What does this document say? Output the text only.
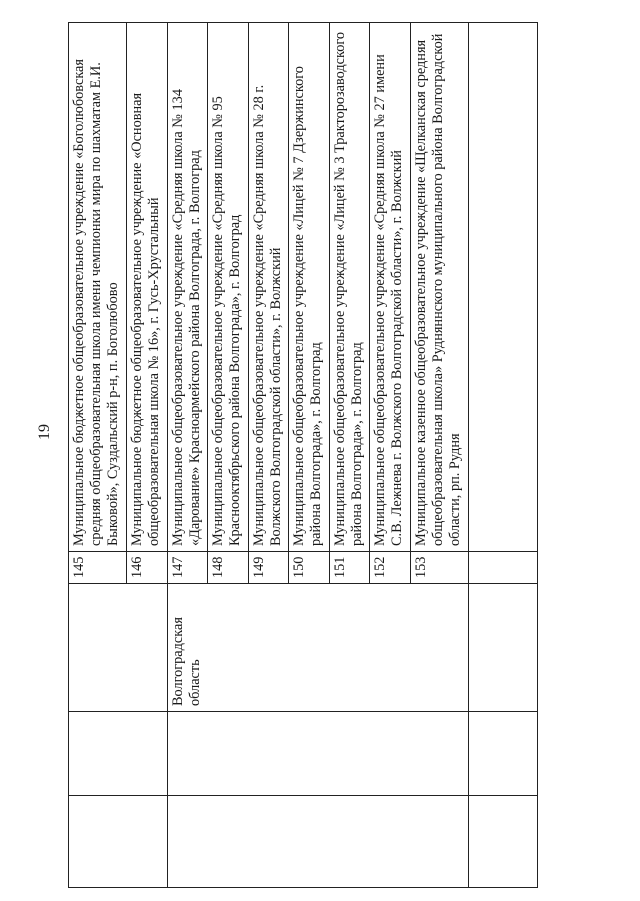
19
			145	Муниципальное бюджетное общеобразовательное учреждение «Боголюбовская средняя общеобразовательная школа имени чемпионки мира по шахматам Е.И. Быковой», Суздальский р-н, п. Боголюбово
			146	Муниципальное бюджетное общеобразовательное учреждение «Основная общеобразовательная школа № 16», г. Гусь-Хрустальный
		Волгоградская область	147	Муниципальное общеобразовательное учреждение «Средняя школа № 134 «Дарование» Красноармейского района Волгограда, г. Волгоград
			148	Муниципальное общеобразовательное учреждение «Средняя школа № 95 Краснооктябрьского района Волгограда», г. Волгоград
			149	Муниципальное общеобразовательное учреждение «Средняя школа № 28 г. Волжского Волгоградской области», г. Волжский
			150	Муниципальное общеобразовательное учреждение «Лицей № 7 Дзержинского района Волгограда», г. Волгоград
			151	Муниципальное общеобразовательное учреждение «Лицей № 3 Тракторозаводского района Волгограда», г. Волгоград
			152	Муниципальное общеобразовательное учреждение «Средняя школа № 27 имени С.В. Лежнева г. Волжского Волгоградской области», г. Волжский
			153	Муниципальное казенное общеобразовательное учреждение «Щелканская средняя общеобразовательная школа» Рудняннского муниципального района Волгоградской области, рп. Рудня
